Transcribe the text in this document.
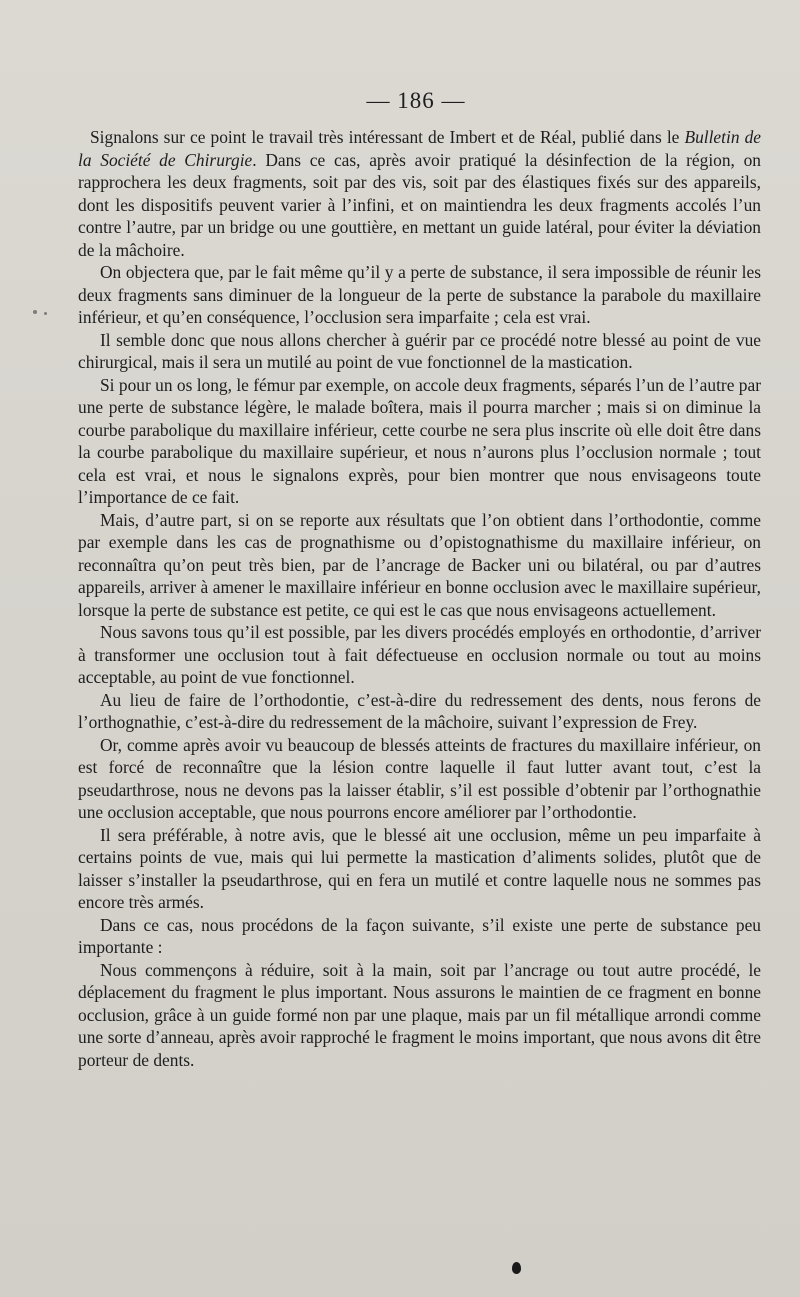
— 186 —

Signalons sur ce point le travail très intéressant de Imbert et de Réal, publié dans le Bulletin de la Société de Chirurgie. Dans ce cas, après avoir pratiqué la désinfection de la région, on rapprochera les deux fragments, soit par des vis, soit par des élastiques fixés sur des appareils, dont les dispositifs peuvent varier à l’infini, et on maintiendra les deux fragments accolés l’un contre l’autre, par un bridge ou une gouttière, en mettant un guide latéral, pour éviter la déviation de la mâchoire.

On objectera que, par le fait même qu’il y a perte de substance, il sera impossible de réunir les deux fragments sans diminuer de la longueur de la perte de substance la parabole du maxillaire inférieur, et qu’en conséquence, l’occlusion sera imparfaite ; cela est vrai.

Il semble donc que nous allons chercher à guérir par ce procédé notre blessé au point de vue chirurgical, mais il sera un mutilé au point de vue fonctionnel de la mastication.

Si pour un os long, le fémur par exemple, on accole deux fragments, séparés l’un de l’autre par une perte de substance légère, le malade boîtera, mais il pourra marcher ; mais si on diminue la courbe parabolique du maxillaire inférieur, cette courbe ne sera plus inscrite où elle doit être dans la courbe parabolique du maxillaire supérieur, et nous n’aurons plus l’occlusion normale ; tout cela est vrai, et nous le signalons exprès, pour bien montrer que nous envisageons toute l’importance de ce fait.

Mais, d’autre part, si on se reporte aux résultats que l’on obtient dans l’orthodontie, comme par exemple dans les cas de prognathisme ou d’opistognathisme du maxillaire inférieur, on reconnaîtra qu’on peut très bien, par de l’ancrage de Backer uni ou bilatéral, ou par d’autres appareils, arriver à amener le maxillaire inférieur en bonne occlusion avec le maxillaire supérieur, lorsque la perte de substance est petite, ce qui est le cas que nous envisageons actuellement.

Nous savons tous qu’il est possible, par les divers procédés employés en orthodontie, d’arriver à transformer une occlusion tout à fait défectueuse en occlusion normale ou tout au moins acceptable, au point de vue fonctionnel.

Au lieu de faire de l’orthodontie, c’est-à-dire du redressement des dents, nous ferons de l’orthognathie, c’est-à-dire du redressement de la mâchoire, suivant l’expression de Frey.

Or, comme après avoir vu beaucoup de blessés atteints de fractures du maxillaire inférieur, on est forcé de reconnaître que la lésion contre laquelle il faut lutter avant tout, c’est la pseudarthrose, nous ne devons pas la laisser établir, s’il est possible d’obtenir par l’orthognathie une occlusion acceptable, que nous pourrons encore améliorer par l’orthodontie.

Il sera préférable, à notre avis, que le blessé ait une occlusion, même un peu imparfaite à certains points de vue, mais qui lui permette la mastication d’aliments solides, plutôt que de laisser s’installer la pseudarthrose, qui en fera un mutilé et contre laquelle nous ne sommes pas encore très armés.

Dans ce cas, nous procédons de la façon suivante, s’il existe une perte de substance peu importante :

Nous commençons à réduire, soit à la main, soit par l’ancrage ou tout autre procédé, le déplacement du fragment le plus important. Nous assurons le maintien de ce fragment en bonne occlusion, grâce à un guide formé non par une plaque, mais par un fil métallique arrondi comme une sorte d’anneau, après avoir rapproché le fragment le moins important, que nous avons dit être porteur de dents.
